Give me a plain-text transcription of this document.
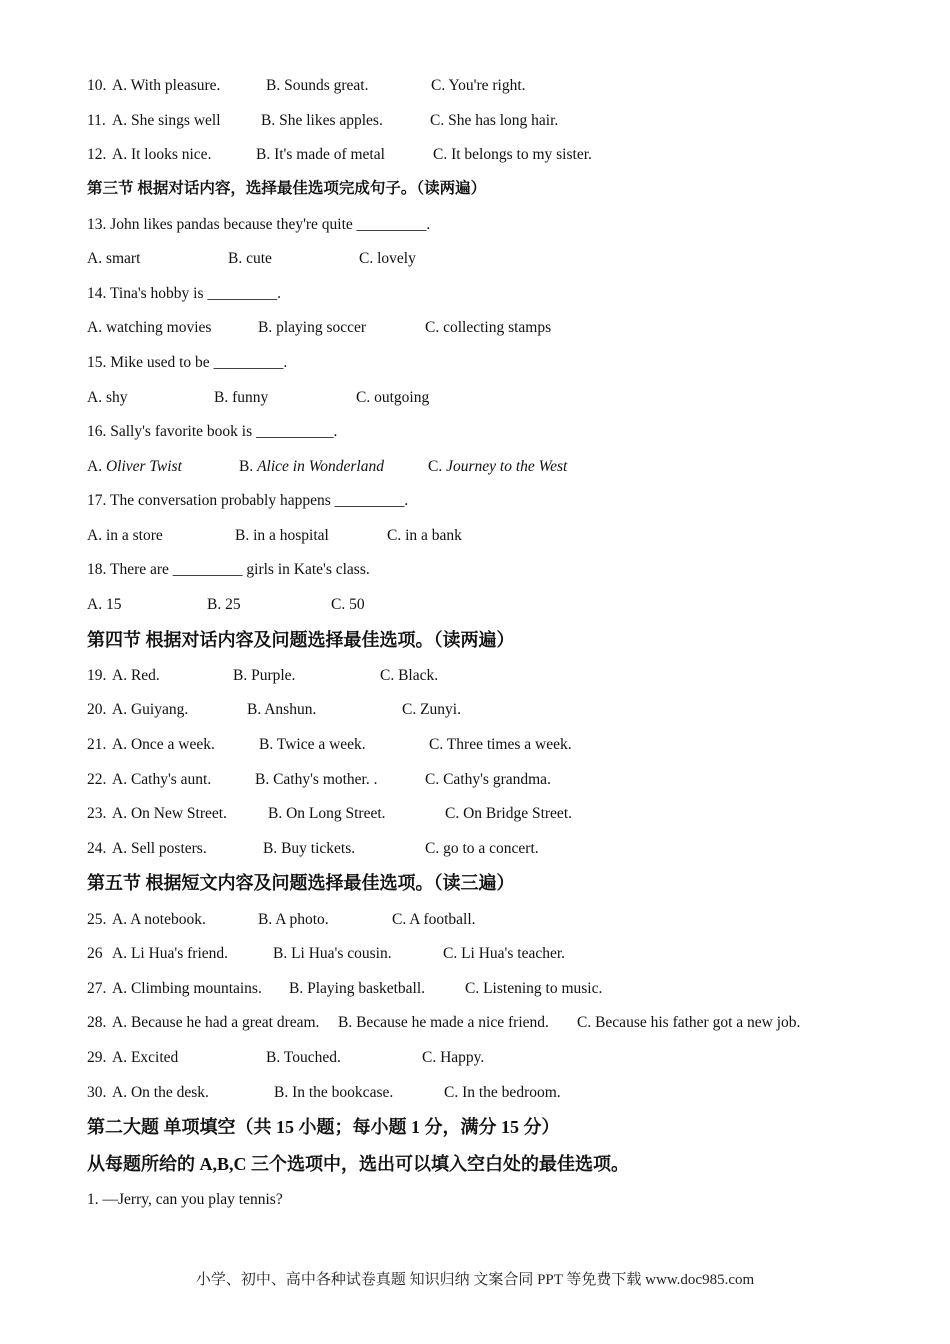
10. A. With pleasure.	B. Sounds great.	C. You're right.
11. A. She sings well	B. She likes apples.	C. She has long hair.
12. A. It looks nice.	B. It's made of metal	C. It belongs to my sister.
第三节 根据对话内容，选择最佳选项完成句子。（读两遍）
13. John likes pandas because they're quite _________.
A. smart	B. cute	C. lovely
14. Tina's hobby is _________.
A. watching movies	B. playing soccer	C. collecting stamps
15. Mike used to be _________.
A. shy	B. funny	C. outgoing
16. Sally's favorite book is __________.
A. Oliver Twist	B. Alice in Wonderland	C. Journey to the West
17. The conversation probably happens _________.
A. in a store	B. in a hospital	C. in a bank
18. There are _________ girls in Kate's class.
A. 15	B. 25	C. 50
第四节 根据对话内容及问题选择最佳选项。（读两遍）
19. A. Red.	B. Purple.	C. Black.
20. A. Guiyang.	B. Anshun.	C. Zunyi.
21. A. Once a week.	B. Twice a week.	C. Three times a week.
22. A. Cathy's aunt.	B. Cathy's mother. .	C. Cathy's grandma.
23. A. On New Street.	B. On Long Street.	C. On Bridge Street.
24. A. Sell posters.	B. Buy tickets.	C. go to a concert.
第五节 根据短文内容及问题选择最佳选项。（读三遍）
25. A. A notebook.	B. A photo.	C. A football.
26 A. Li Hua's friend.	B. Li Hua's cousin.	C. Li Hua's teacher.
27. A. Climbing mountains. B. Playing basketball.	C. Listening to music.
28. A. Because he had a great dream. B. Because he made a nice friend. C. Because his father got a new job.
29. A. Excited	B. Touched.	C. Happy.
30. A. On the desk.	B. In the bookcase.	C. In the bedroom.
第二大题 单项填空（共 15 小题；每小题 1 分，满分 15 分）
从每题所给的 A,B,C 三个选项中，选出可以填入空白处的最佳选项。
1. —Jerry, can you play tennis?
小学、初中、高中各种试卷真题 知识归纳 文案合同 PPT 等免费下载 www.doc985.com
